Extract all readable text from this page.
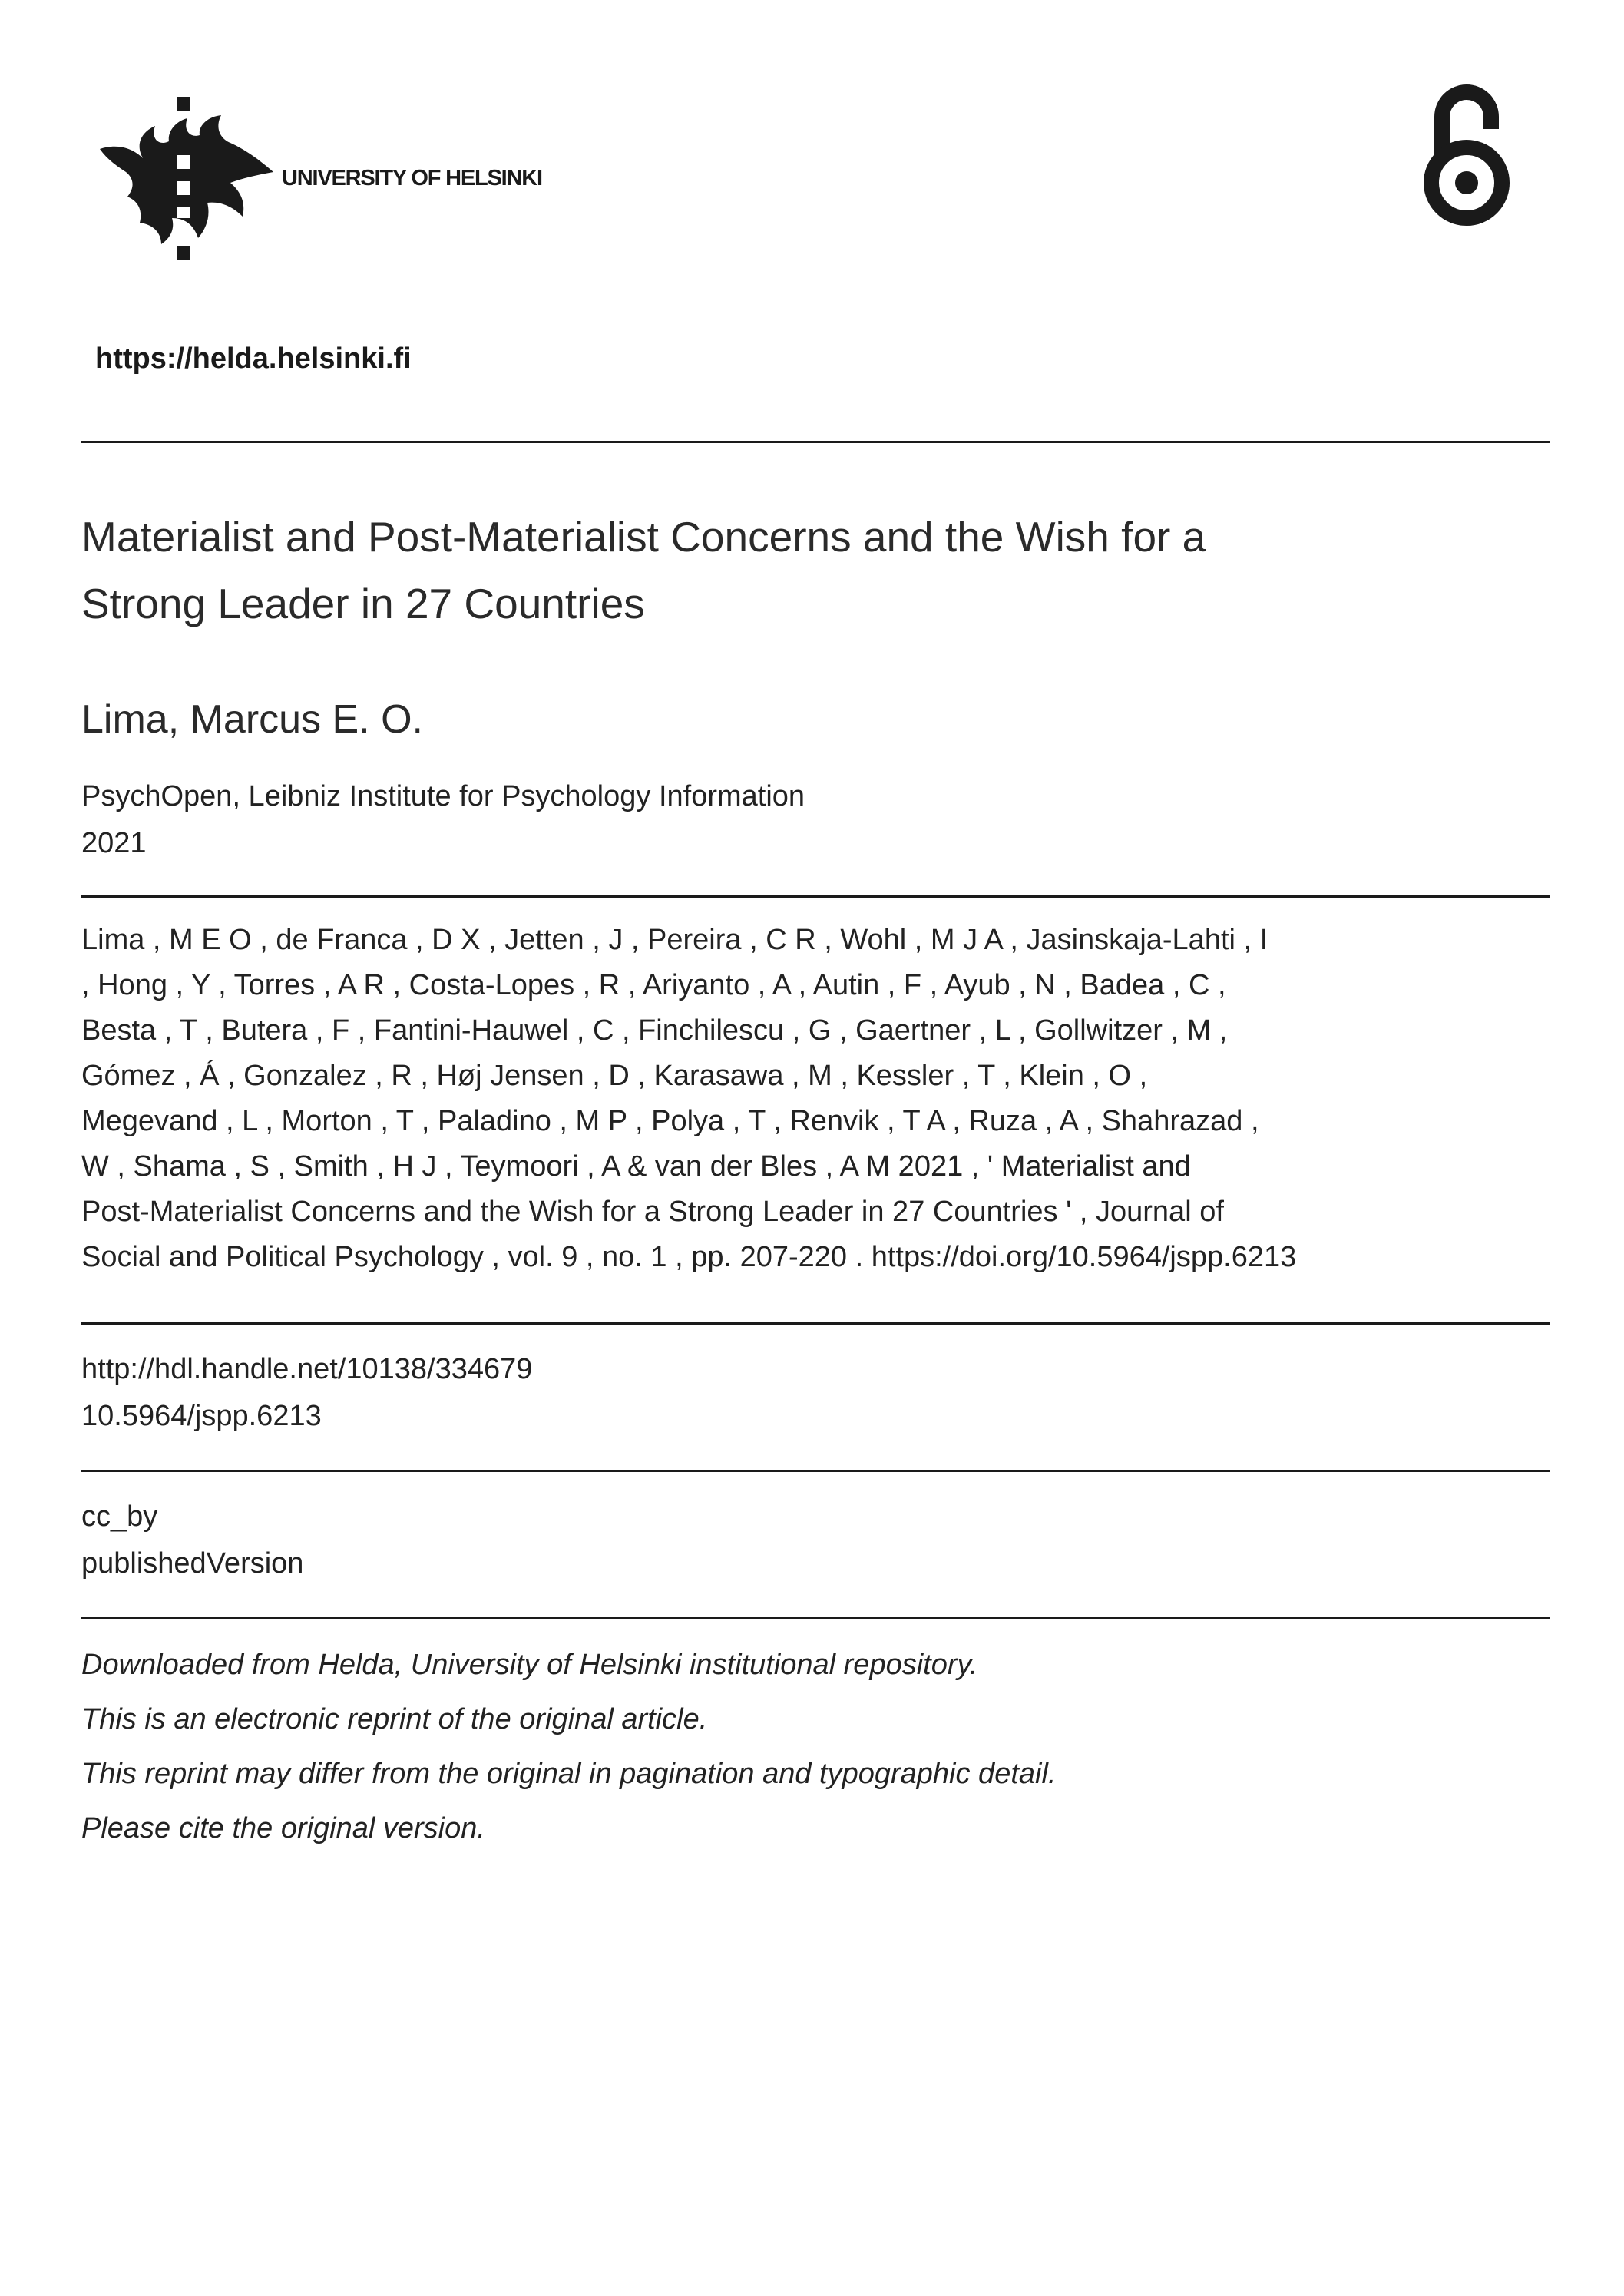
UNIVERSITY OF HELSINKI
https://helda.helsinki.fi
Materialist and Post-Materialist Concerns and the Wish for a
Strong Leader in 27 Countries
Lima, Marcus E. O.
PsychOpen, Leibniz Institute for Psychology Information
2021

Lima , M E O , de Franca , D X , Jetten , J , Pereira , C R , Wohl , M J A , Jasinskaja-Lahti , I

, Hong , Y , Torres , A R , Costa-Lopes , R , Ariyanto , A , Autin , F , Ayub , N , Badea , C ,

Besta , T , Butera , F , Fantini-Hauwel , C , Finchilescu , G , Gaertner , L , Gollwitzer , M ,

Gómez , Á , Gonzalez , R , Høj Jensen , D , Karasawa , M , Kessler , T , Klein , O ,

Megevand , L , Morton , T , Paladino , M P , Polya , T , Renvik , T A , Ruza , A , Shahrazad ,

W , Shama , S , Smith , H J , Teymoori , A & van der Bles , A M 2021 , ' Materialist and

Post-Materialist Concerns and the Wish for a Strong Leader in 27 Countries ' , Journal of

Social and Political Psychology , vol. 9 , no. 1 , pp. 207-220 . https://doi.org/10.5964/jspp.6213

http://hdl.handle.net/10138/334679
10.5964/jspp.6213
cc_by
publishedVersion
Downloaded from Helda, University of Helsinki institutional repository.
This is an electronic reprint of the original article.
This reprint may differ from the original in pagination and typographic detail.
Please cite the original version.
